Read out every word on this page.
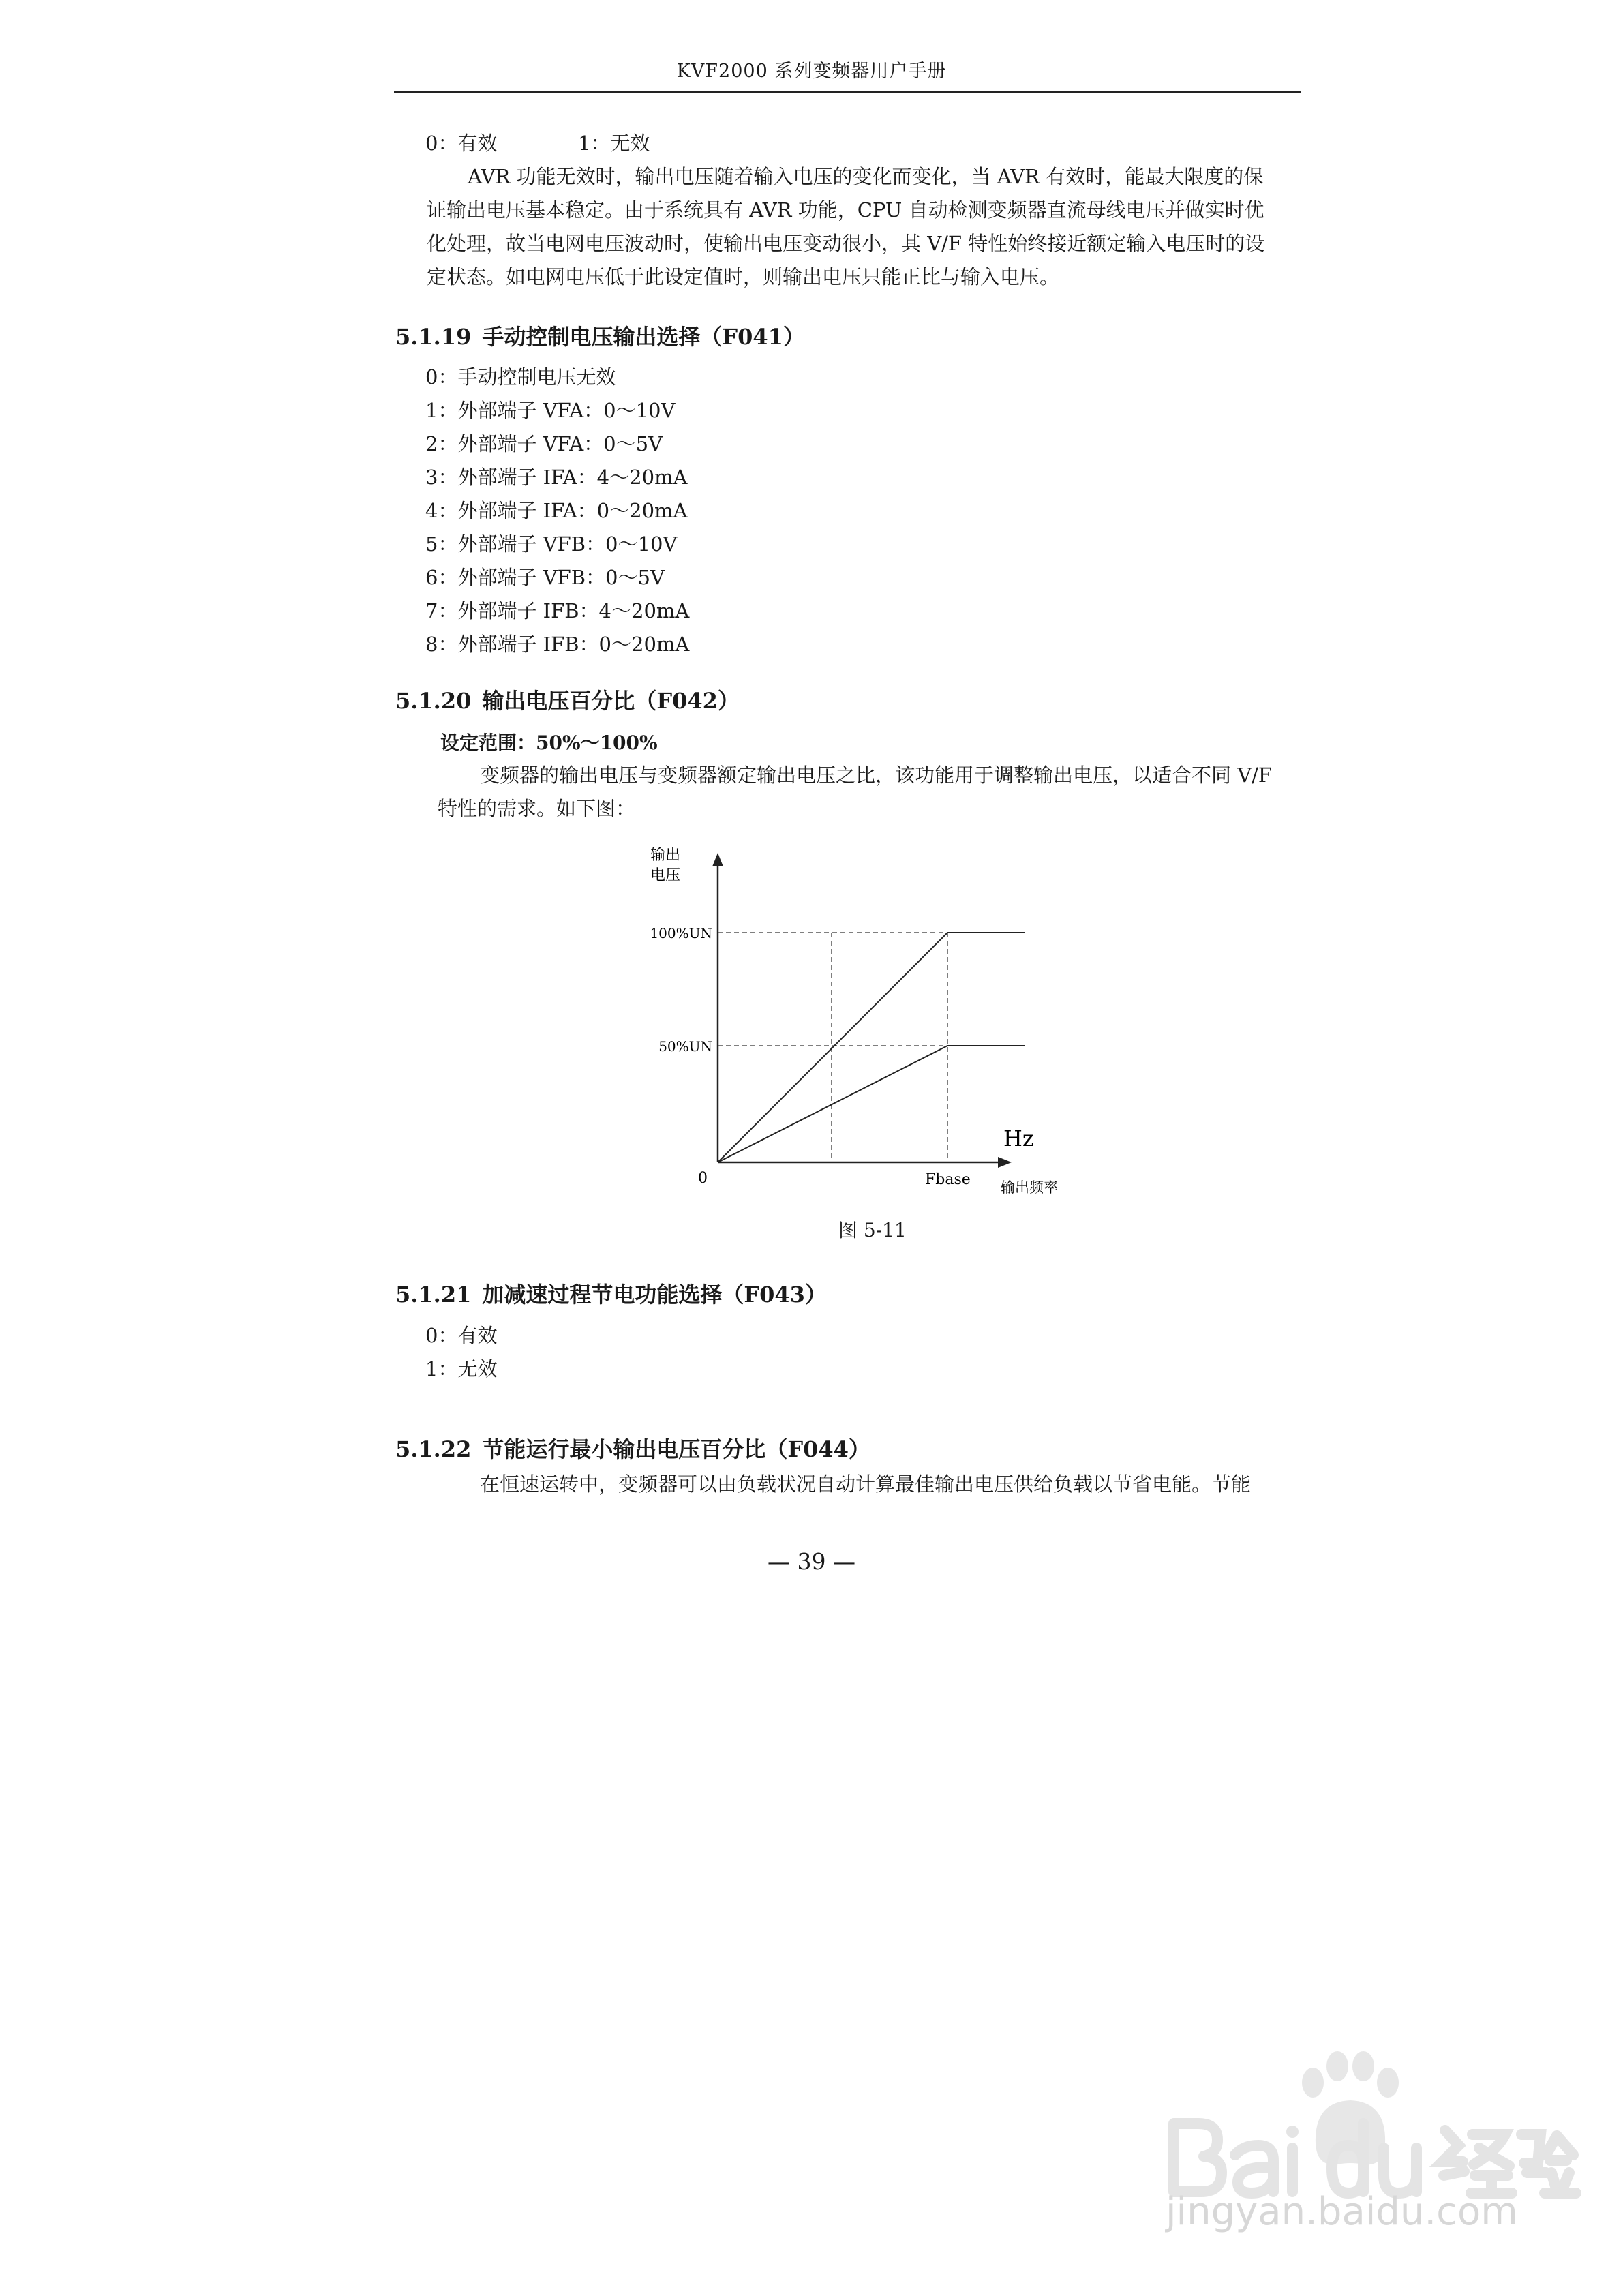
KVF2000 系列变频器用户手册
0：有效	1：无效

AVR 功能无效时，输出电压随着输入电压的变化而变化，当 AVR 有效时，能最大限度的保

证输出电压基本稳定。由于系统具有 AVR 功能，CPU 自动检测变频器直流母线电压并做实时优

化处理，故当电网电压波动时，使输出电压变动很小，其 V/F 特性始终接近额定输入电压时的设

定状态。如电网电压低于此设定值时，则输出电压只能正比与输入电压。

5.1.19 手动控制电压输出选择（F041）

0：手动控制电压无效

1：外部端子 VFA：0～10V

2：外部端子 VFA：0～5V

3：外部端子 IFA：4～20mA

4：外部端子 IFA：0～20mA

5：外部端子 VFB：0～10V

6：外部端子 VFB：0～5V

7：外部端子 IFB：4～20mA

8：外部端子 IFB：0～20mA

5.1.20 输出电压百分比（F042）
设定范围：50%～100%

变频器的输出电压与变频器额定输出电压之比，该功能用于调整输出电压，以适合不同 V/F

特性的需求。如下图：

输出
电压
100%UN
50%UN
0	Fbase
Hz
输出频率
图 5-11
5.1.21 加减速过程节电功能选择（F043）

0：有效

1：无效

5.1.22 节能运行最小输出电压百分比（F044）
在恒速运转中，变频器可以由负载状况自动计算最佳输出电压供给负载以节省电能。节能
— 39 —
jingyan.baidu.com
